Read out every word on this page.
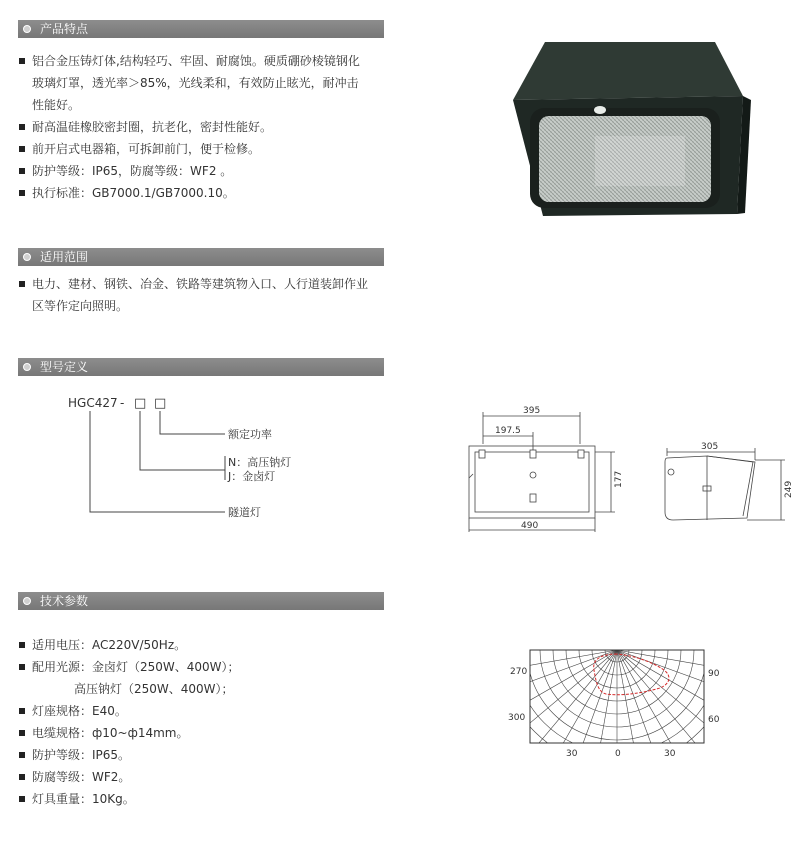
产品特点
铝合金压铸灯体,结构轻巧、牢固、耐腐蚀。硬质硼砂棱镜钢化
玻璃灯罩，透光率＞85%，光线柔和，有效防止眩光，耐冲击
性能好。
耐高温硅橡胶密封圈，抗老化，密封性能好。
前开启式电器箱，可拆卸前门，便于检修。
防护等级：IP65，防腐等级：WF2 。
执行标准：GB7000.1/GB7000.10。
适用范围
电力、建材、钢铁、冶金、铁路等建筑物入口、人行道装卸作业
区等作定向照明。
型号定义
HGC427 - □ □
额定功率
N：高压钠灯
J：金卤灯
隧道灯
395
197.5
490
177
305
249
技术参数
适用电压：AC220V/50Hz。
配用光源：金卤灯（250W、400W）；
高压钠灯（250W、400W）；
灯座规格：E40。
电缆规格：ф10~ф14mm。
防护等级：IP65。
防腐等级：WF2。
灯具重量：10Kg。
270
300
90
60
30	0	30
